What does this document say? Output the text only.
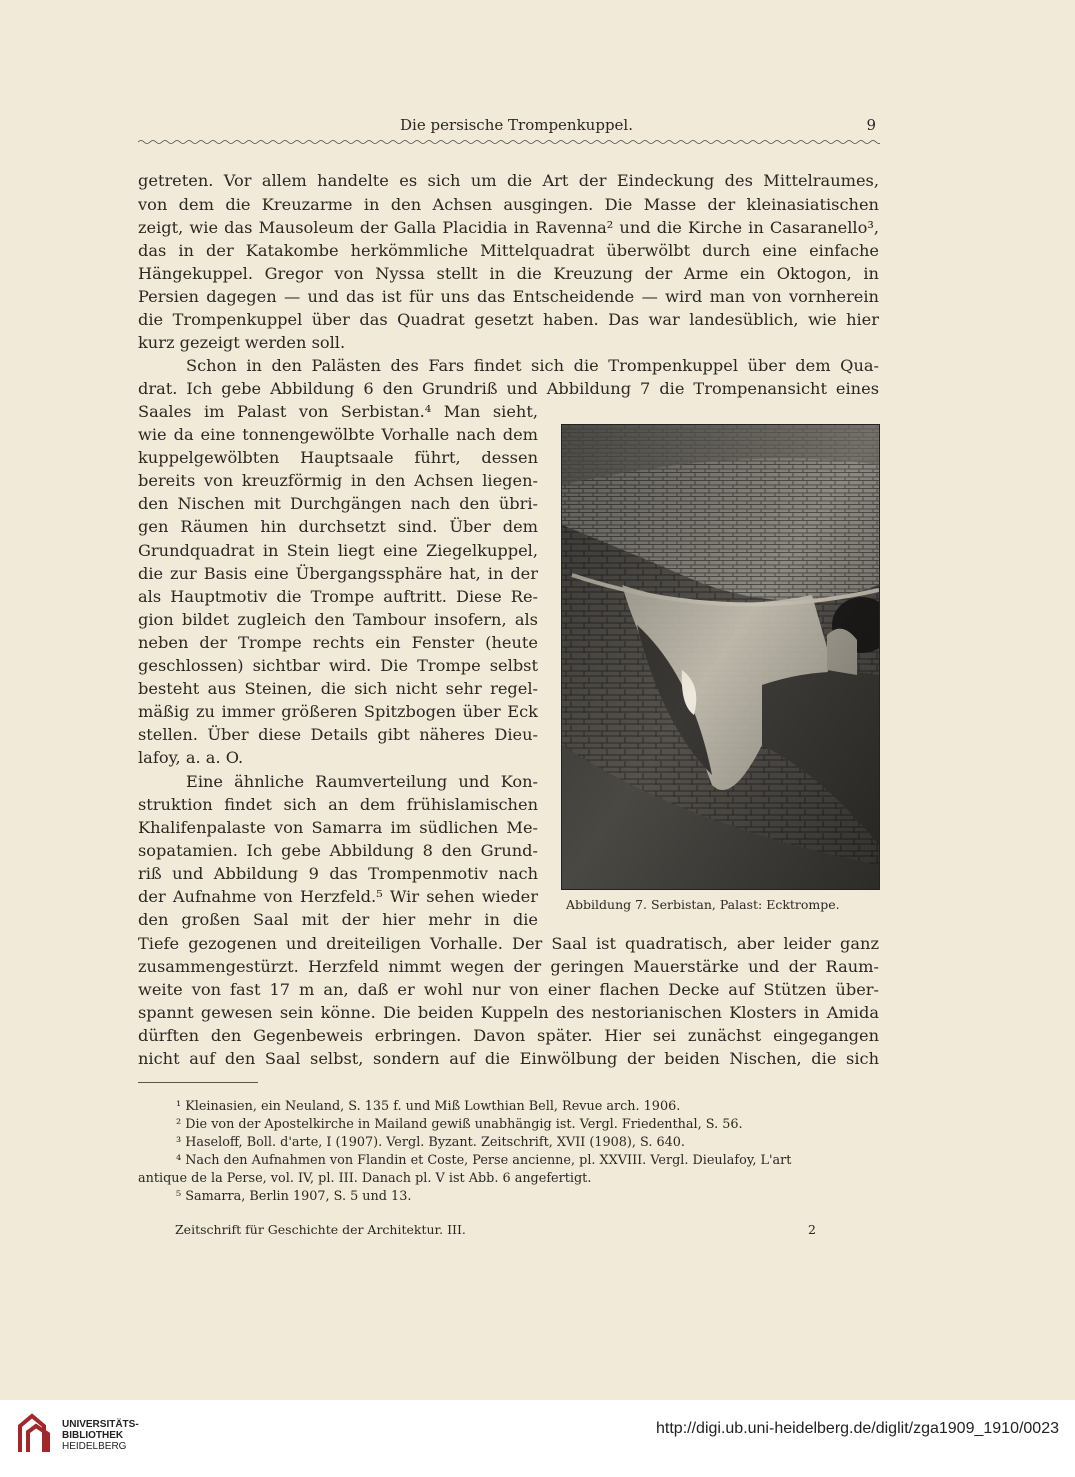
Die persische Trompenkuppel.	9
getreten. Vor allem handelte es sich um die Art der Eindeckung des Mittelraumes,
von dem die Kreuzarme in den Achsen ausgingen. Die Masse der kleinasiatischen
zeigt, wie das Mausoleum der Galla Placidia in Ravenna² und die Kirche in Casaranello³,
das in der Katakombe herkömmliche Mittelquadrat überwölbt durch eine einfache
Hängekuppel. Gregor von Nyssa stellt in die Kreuzung der Arme ein Oktogon, in
Persien dagegen — und das ist für uns das Entscheidende — wird man von vornherein
die Trompenkuppel über das Quadrat gesetzt haben. Das war landesüblich, wie hier
kurz gezeigt werden soll.
Schon in den Palästen des Fars findet sich die Trompenkuppel über dem Qua-
drat. Ich gebe Abbildung 6 den Grundriß und Abbildung 7 die Trompenansicht eines
Saales im Palast von Serbistan.⁴ Man sieht,
wie da eine tonnengewölbte Vorhalle nach dem
kuppelgewölbten Hauptsaale führt, dessen
bereits von kreuzförmig in den Achsen liegen-
den Nischen mit Durchgängen nach den übri-
gen Räumen hin durchsetzt sind. Über dem
Grundquadrat in Stein liegt eine Ziegelkuppel,
die zur Basis eine Übergangssphäre hat, in der
als Hauptmotiv die Trompe auftritt. Diese Re-
gion bildet zugleich den Tambour insofern, als
neben der Trompe rechts ein Fenster (heute
geschlossen) sichtbar wird. Die Trompe selbst
besteht aus Steinen, die sich nicht sehr regel-
mäßig zu immer größeren Spitzbogen über Eck
stellen. Über diese Details gibt näheres Dieu-
lafoy, a. a. O.
Eine ähnliche Raumverteilung und Kon-
struktion findet sich an dem frühislamischen
Khalifenpalaste von Samarra im südlichen Me-
sopatamien. Ich gebe Abbildung 8 den Grund-
riß und Abbildung 9 das Trompenmotiv nach
der Aufnahme von Herzfeld.⁵ Wir sehen wieder
den großen Saal mit der hier mehr in die
Tiefe gezogenen und dreiteiligen Vorhalle. Der Saal ist quadratisch, aber leider ganz
zusammengestürzt. Herzfeld nimmt wegen der geringen Mauerstärke und der Raum-
weite von fast 17 m an, daß er wohl nur von einer flachen Decke auf Stützen über-
spannt gewesen sein könne. Die beiden Kuppeln des nestorianischen Klosters in Amida
dürften den Gegenbeweis erbringen. Davon später. Hier sei zunächst eingegangen
nicht auf den Saal selbst, sondern auf die Einwölbung der beiden Nischen, die sich
Abbildung 7. Serbistan, Palast: Ecktrompe.
¹ Kleinasien, ein Neuland, S. 135 f. und Miß Lowthian Bell, Revue arch. 1906.
² Die von der Apostelkirche in Mailand gewiß unabhängig ist. Vergl. Friedenthal, S. 56.
³ Haseloff, Boll. d'arte, I (1907). Vergl. Byzant. Zeitschrift, XVII (1908), S. 640.
⁴ Nach den Aufnahmen von Flandin et Coste, Perse ancienne, pl. XXVIII. Vergl. Dieulafoy, L'art
antique de la Perse, vol. IV, pl. III. Danach pl. V ist Abb. 6 angefertigt.
⁵ Samarra, Berlin 1907, S. 5 und 13.
Zeitschrift für Geschichte der Architektur. III.	2
UNIVERSITÄTS-
BIBLIOTHEK
HEIDELBERG
http://digi.ub.uni-heidelberg.de/diglit/zga1909_1910/0023
